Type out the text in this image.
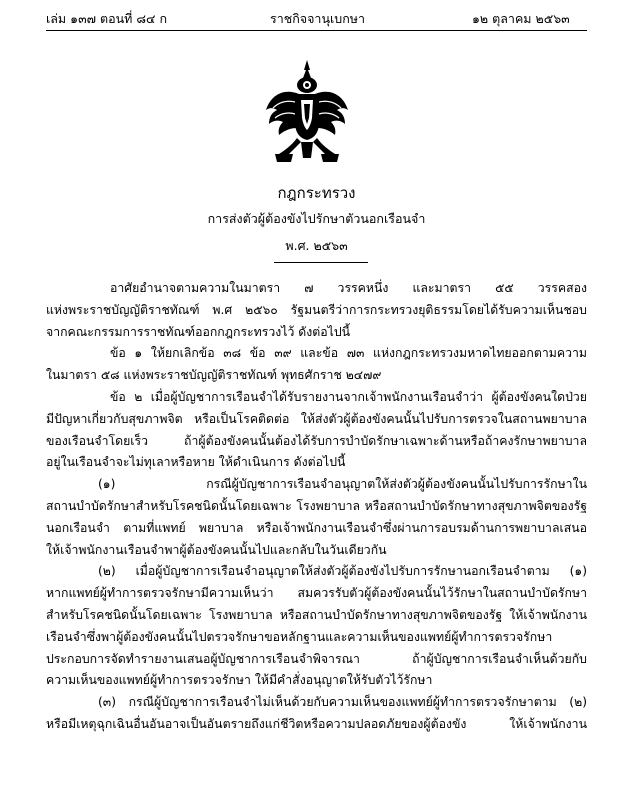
เล่ม ๑๓๗ ตอนที่ ๘๔ ก	ราชกิจจานุเบกษา	๑๒ ตุลาคม ๒๕๖๓
กฎกระทรวง
การส่งตัวผู้ต้องขังไปรักษาตัวนอกเรือนจำ
พ.ศ. ๒๕๖๓
อาศัยอำนาจตามความในมาตรา ๗ วรรคหนึ่ง และมาตรา ๕๕ วรรคสอง
แห่งพระราชบัญญัติราชทัณฑ์ พ.ศ ๒๕๖๐ รัฐมนตรีว่าการกระทรวงยุติธรรมโดยได้รับความเห็นชอบ
จากคณะกรรมการราชทัณฑ์ออกกฎกระทรวงไว้ ดังต่อไปนี้
ข้อ ๑ ให้ยกเลิกข้อ ๓๘ ข้อ ๓๙ และข้อ ๗๓ แห่งกฎกระทรวงมหาดไทยออกตามความ
ในมาตรา ๕๘ แห่งพระราชบัญญัติราชทัณฑ์ พุทธศักราช ๒๔๗๙
ข้อ ๒ เมื่อผู้บัญชาการเรือนจำได้รับรายงานจากเจ้าพนักงานเรือนจำว่า ผู้ต้องขังคนใดป่วย
มีปัญหาเกี่ยวกับสุขภาพจิต หรือเป็นโรคติดต่อ ให้ส่งตัวผู้ต้องขังคนนั้นไปรับการตรวจในสถานพยาบาล
ของเรือนจำโดยเร็ว ถ้าผู้ต้องขังคนนั้นต้องได้รับการบำบัดรักษาเฉพาะด้านหรือถ้าคงรักษาพยาบาล
อยู่ในเรือนจำจะไม่ทุเลาหรือหาย ให้ดำเนินการ ดังต่อไปนี้
(๑) กรณีผู้บัญชาการเรือนจำอนุญาตให้ส่งตัวผู้ต้องขังคนนั้นไปรับการรักษาใน
สถานบำบัดรักษาสำหรับโรคชนิดนั้นโดยเฉพาะ โรงพยาบาล หรือสถานบำบัดรักษาทางสุขภาพจิตของรัฐ
นอกเรือนจำ ตามที่แพทย์ พยาบาล หรือเจ้าพนักงานเรือนจำซึ่งผ่านการอบรมด้านการพยาบาลเสนอ
ให้เจ้าพนักงานเรือนจำพาผู้ต้องขังคนนั้นไปและกลับในวันเดียวกัน
(๒) เมื่อผู้บัญชาการเรือนจำอนุญาตให้ส่งตัวผู้ต้องขังไปรับการรักษานอกเรือนจำตาม (๑)
หากแพทย์ผู้ทำการตรวจรักษามีความเห็นว่า สมควรรับตัวผู้ต้องขังคนนั้นไว้รักษาในสถานบำบัดรักษา
สำหรับโรคชนิดนั้นโดยเฉพาะ โรงพยาบาล หรือสถานบำบัดรักษาทางสุขภาพจิตของรัฐ ให้เจ้าพนักงาน
เรือนจำซึ่งพาผู้ต้องขังคนนั้นไปตรวจรักษาขอหลักฐานและความเห็นของแพทย์ผู้ทำการตรวจรักษา
ประกอบการจัดทำรายงานเสนอผู้บัญชาการเรือนจำพิจารณา ถ้าผู้บัญชาการเรือนจำเห็นด้วยกับ
ความเห็นของแพทย์ผู้ทำการตรวจรักษา ให้มีคำสั่งอนุญาตให้รับตัวไว้รักษา
(๓) กรณีผู้บัญชาการเรือนจำไม่เห็นด้วยกับความเห็นของแพทย์ผู้ทำการตรวจรักษาตาม (๒)
หรือมีเหตุฉุกเฉินอื่นอันอาจเป็นอันตรายถึงแก่ชีวิตหรือความปลอดภัยของผู้ต้องขัง ให้เจ้าพนักงาน
